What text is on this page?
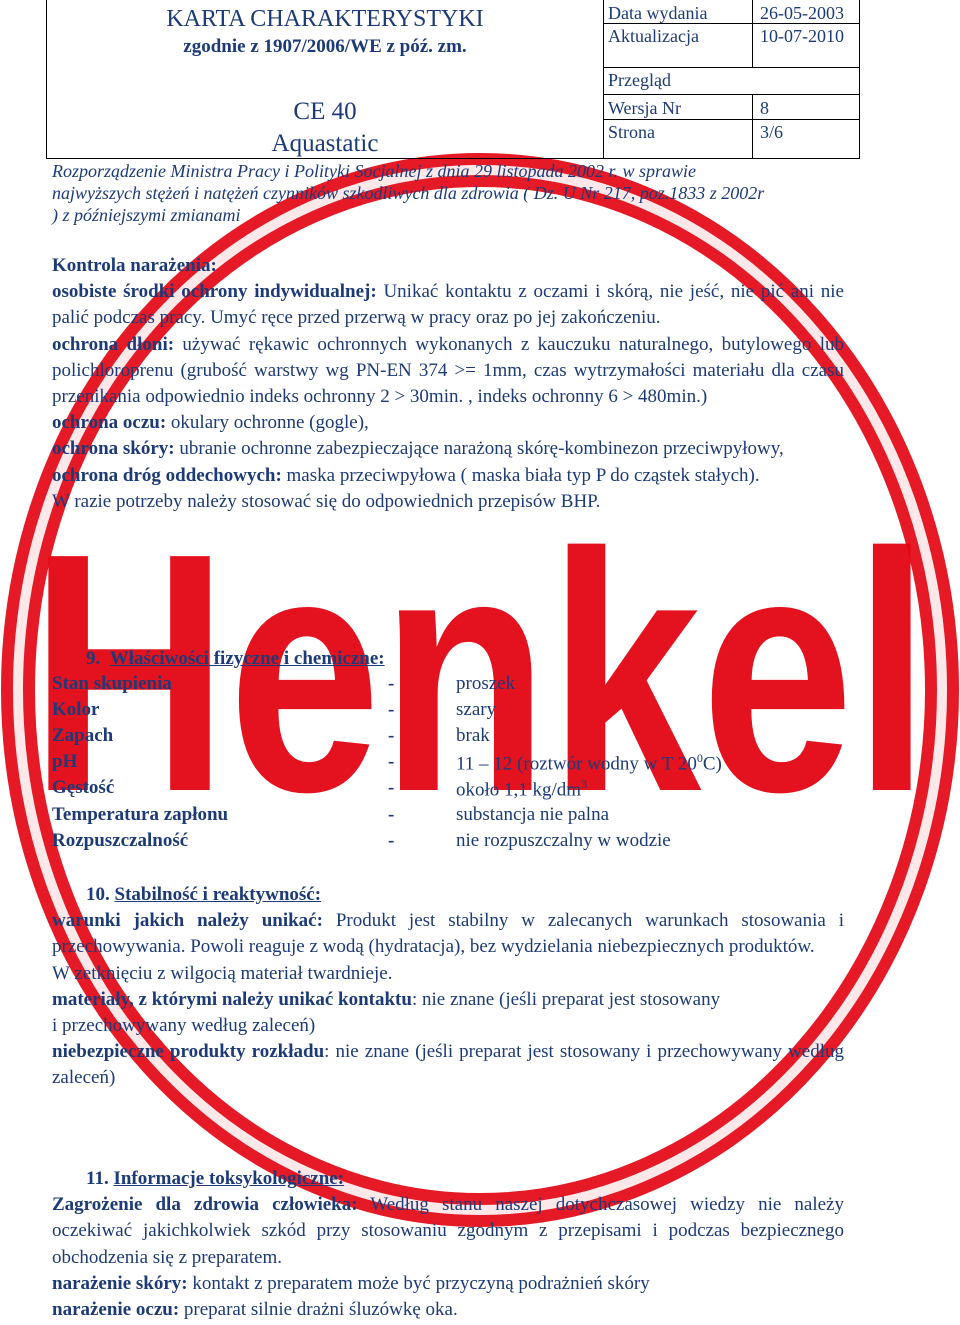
Henkel
KARTA CHARAKTERYSTYKI
zgodnie z 1907/2006/WE z póź. zm.
CE 40
Aquastatic
Data wydania	26-05-2003
Aktualizacja	10-07-2010
Przegląd
Wersja Nr	8
Strona	3/6
Rozporządzenie Ministra Pracy i Polityki Socjalnej z dnia 29 listopada 2002 r. w sprawie
najwyższych stężeń i natężeń czynników szkodliwych dla zdrowia ( Dz. U Nr 217, poz.1833 z 2002r
) z późniejszymi zmianami
Kontrola narażenia:
osobiste środki ochrony indywidualnej: Unikać kontaktu z oczami i skórą, nie jeść, nie pić ani nie palić podczas pracy. Umyć ręce przed przerwą w pracy oraz po jej zakończeniu.
ochrona dłoni: używać rękawic ochronnych wykonanych z kauczuku naturalnego, butylowego lub polichloroprenu (grubość warstwy wg PN-EN 374 >= 1mm, czas wytrzymałości materiału dla czasu przenikania odpowiednio indeks ochronny 2 > 30min. , indeks ochronny 6 > 480min.)
ochrona oczu: okulary ochronne (gogle),
ochrona skóry: ubranie ochronne zabezpieczające narażoną skórę-kombinezon przeciwpyłowy,
ochrona dróg oddechowych: maska przeciwpyłowa ( maska biała typ P do cząstek stałych).
W razie potrzeby należy stosować się do odpowiednich przepisów BHP.
9. Właściwości fizyczne i chemiczne:
Stan skupienia	-	proszek
Kolor	-	szary
Zapach	-	brak
pH	-	11 – 12 (roztwór wodny w T $20^0C$)
Gęstość	-	około 1,1 $kg/dm^3$
Temperatura zapłonu	-	substancja nie palna
Rozpuszczalność	-	nie rozpuszczalny w wodzie
10. Stabilność i reaktywność:
warunki jakich należy unikać: Produkt jest stabilny w zalecanych warunkach stosowania i przechowywania. Powoli reaguje z wodą (hydratacja), bez wydzielania niebezpiecznych produktów.
W zetknięciu z wilgocią materiał twardnieje.
materiały, z którymi należy unikać kontaktu: nie znane (jeśli preparat jest stosowany
i przechowywany według zaleceń)
niebezpieczne produkty rozkładu: nie znane (jeśli preparat jest stosowany i przechowywany według zaleceń)
11. Informacje toksykologiczne:
Zagrożenie dla zdrowia człowieka: Według stanu naszej dotychczasowej wiedzy nie należy oczekiwać jakichkolwiek szkód przy stosowaniu zgodnym z przepisami i podczas bezpiecznego obchodzenia się z preparatem.
narażenie skóry: kontakt z preparatem może być przyczyną podrażnień skóry
narażenie oczu: preparat silnie drażni śluzówkę oka.
